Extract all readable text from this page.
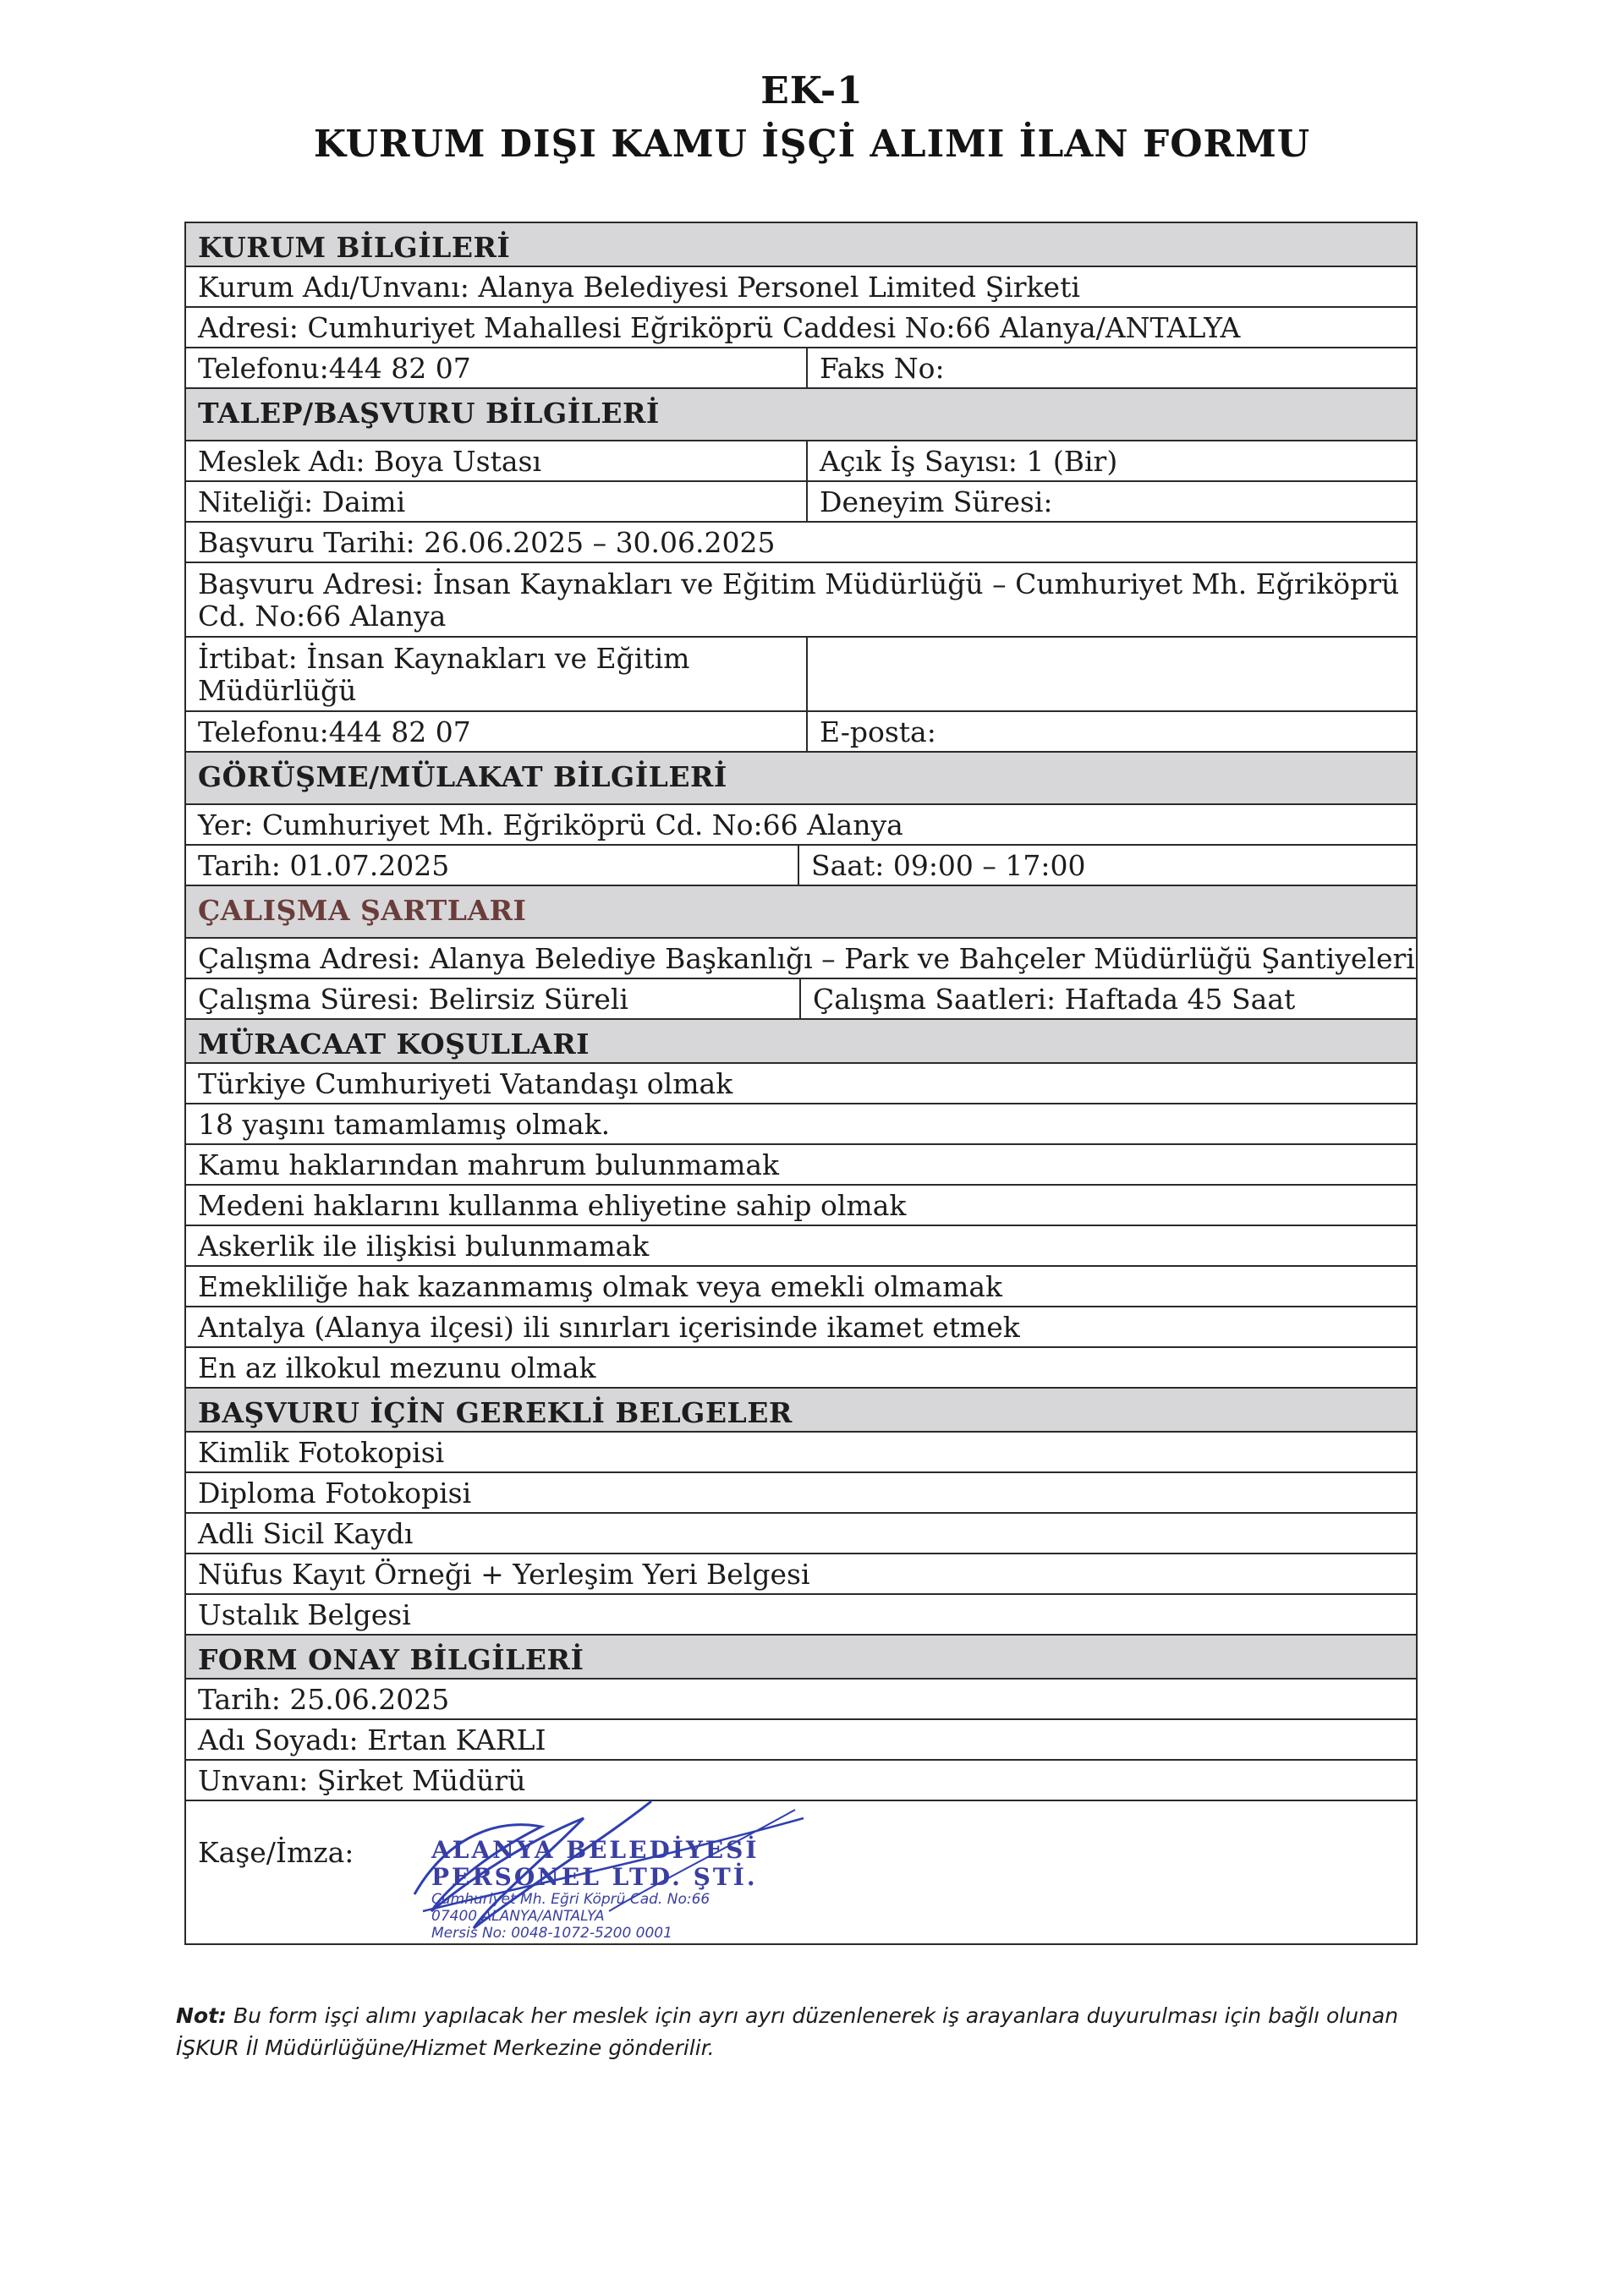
EK-1
KURUM DIŞI KAMU İŞÇİ ALIMI İLAN FORMU
KURUM BİLGİLERİ
Kurum Adı/Unvanı: Alanya Belediyesi Personel Limited Şirketi
Adresi: Cumhuriyet Mahallesi Eğriköprü Caddesi No:66 Alanya/ANTALYA
Telefonu:444 82 07	Faks No:
TALEP/BAŞVURU BİLGİLERİ
Meslek Adı: Boya Ustası	Açık İş Sayısı: 1 (Bir)
Niteliği: Daimi	Deneyim Süresi:
Başvuru Tarihi: 26.06.2025 – 30.06.2025
Başvuru Adresi: İnsan Kaynakları ve Eğitim Müdürlüğü – Cumhuriyet Mh. Eğriköprü Cd. No:66 Alanya
İrtibat: İnsan Kaynakları ve Eğitim Müdürlüğü
Telefonu:444 82 07	E-posta:
GÖRÜŞME/MÜLAKAT BİLGİLERİ
Yer: Cumhuriyet Mh. Eğriköprü Cd. No:66 Alanya
Tarih: 01.07.2025	Saat: 09:00 – 17:00
ÇALIŞMA ŞARTLARI
Çalışma Adresi: Alanya Belediye Başkanlığı – Park ve Bahçeler Müdürlüğü Şantiyeleri
Çalışma Süresi: Belirsiz Süreli	Çalışma Saatleri: Haftada 45 Saat
MÜRACAAT KOŞULLARI
Türkiye Cumhuriyeti Vatandaşı olmak
18 yaşını tamamlamış olmak.
Kamu haklarından mahrum bulunmamak
Medeni haklarını kullanma ehliyetine sahip olmak
Askerlik ile ilişkisi bulunmamak
Emekliliğe hak kazanmamış olmak veya emekli olmamak
Antalya (Alanya ilçesi) ili sınırları içerisinde ikamet etmek
En az ilkokul mezunu olmak
BAŞVURU İÇİN GEREKLİ BELGELER
Kimlik Fotokopisi
Diploma Fotokopisi
Adli Sicil Kaydı
Nüfus Kayıt Örneği + Yerleşim Yeri Belgesi
Ustalık Belgesi
FORM ONAY BİLGİLERİ
Tarih: 25.06.2025
Adı Soyadı: Ertan KARLI
Unvanı: Şirket Müdürü
Kaşe/İmza:	ALANYA BELEDİYESİ
PERSONEL LTD. ŞTİ.
Cumhuriyet Mh. Eğri Köprü Cad. No:66
07400 ALANYA/ANTALYA
Mersis No: 0048-1072-5200 0001
Not: Bu form işçi alımı yapılacak her meslek için ayrı ayrı düzenlenerek iş arayanlara duyurulması için bağlı olunan İŞKUR İl Müdürlüğüne/Hizmet Merkezine gönderilir.
